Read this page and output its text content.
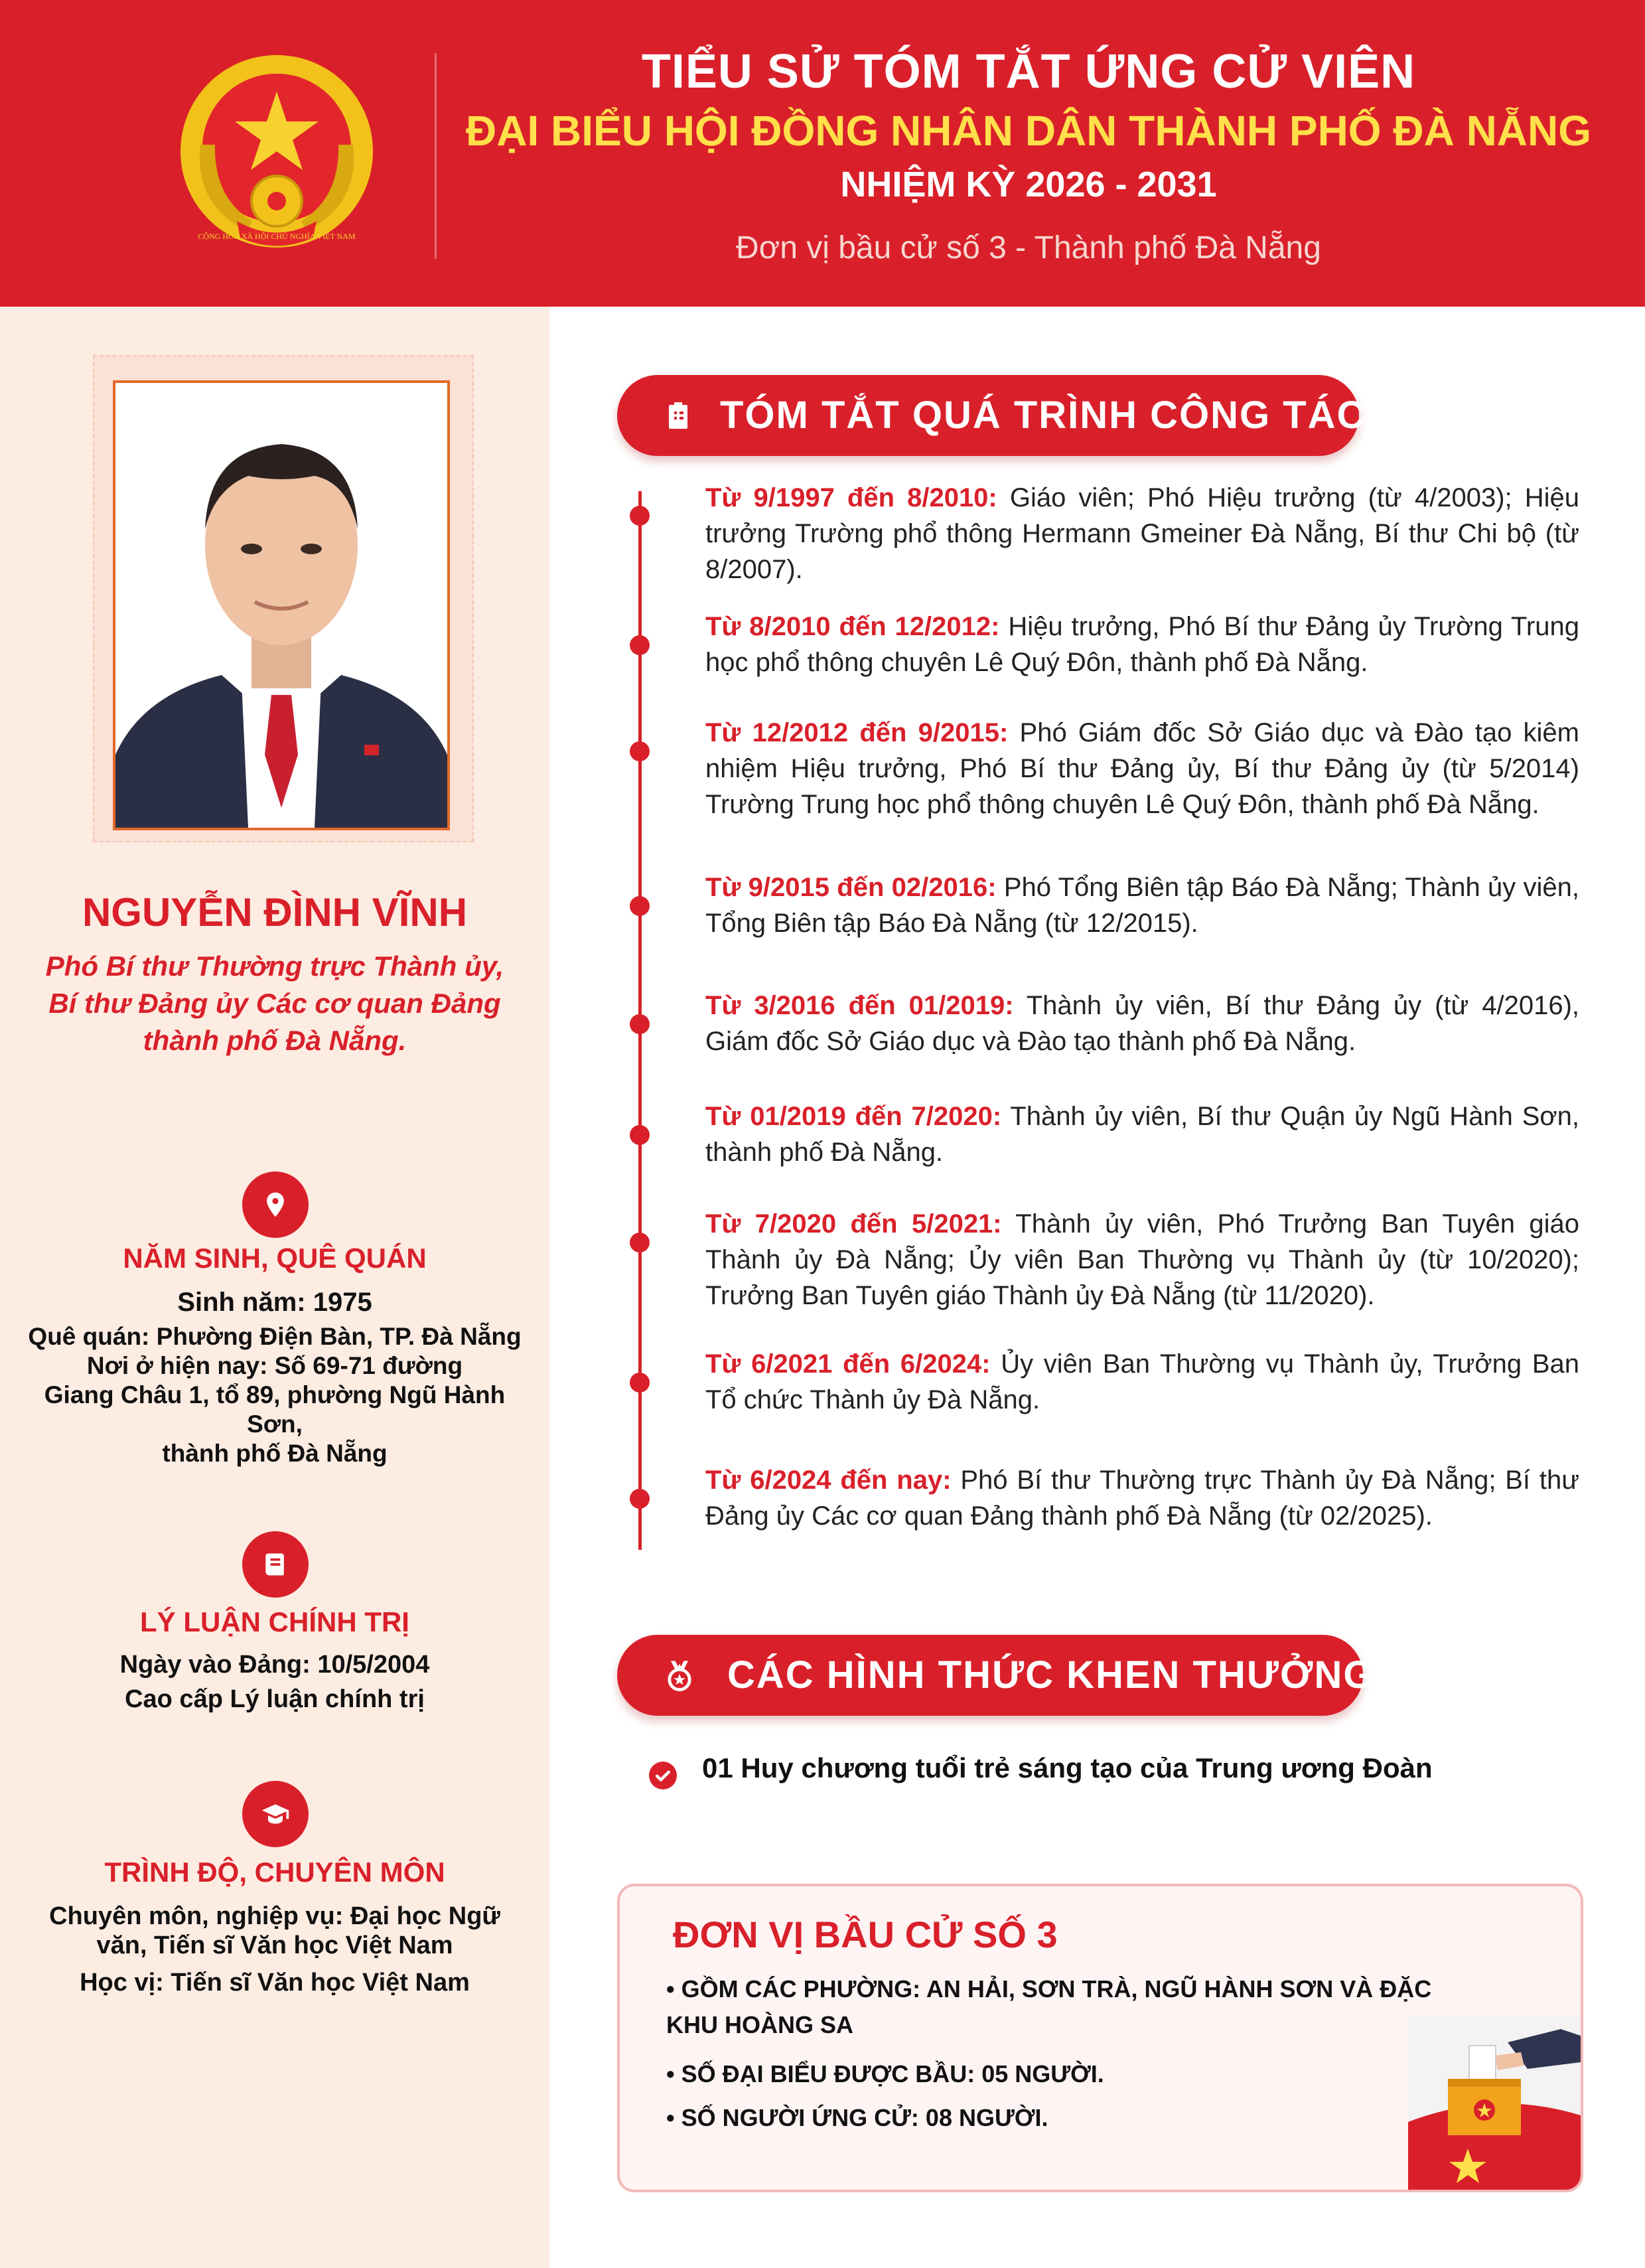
CỘNG HÒA XÃ HỘI CHỦ NGHĨA VIỆT NAM
TIỂU SỬ TÓM TẮT ỨNG CỬ VIÊN
ĐẠI BIỂU HỘI ĐỒNG NHÂN DÂN THÀNH PHỐ ĐÀ NẴNG
NHIỆM KỲ 2026 - 2031
Đơn vị bầu cử số 3 - Thành phố Đà Nẵng
NGUYỄN ĐÌNH VĨNH
Phó Bí thư Thường trực Thành ủy,
Bí thư Đảng ủy Các cơ quan Đảng
thành phố Đà Nẵng.
NĂM SINH, QUÊ QUÁN
Sinh năm: 1975
Quê quán: Phường Điện Bàn, TP. Đà Nẵng
Nơi ở hiện nay: Số 69-71 đường
Giang Châu 1, tổ 89, phường Ngũ Hành Sơn,
thành phố Đà Nẵng
LÝ LUẬN CHÍNH TRỊ
Ngày vào Đảng: 10/5/2004
Cao cấp Lý luận chính trị
TRÌNH ĐỘ, CHUYÊN MÔN
Chuyên môn, nghiệp vụ: Đại học Ngữ
văn, Tiến sĩ Văn học Việt Nam
Học vị: Tiến sĩ Văn học Việt Nam
TÓM TẮT QUÁ TRÌNH CÔNG TÁC
Từ 9/1997 đến 8/2010: Giáo viên; Phó Hiệu trưởng (từ 4/2003); Hiệu trưởng Trường phổ thông Hermann Gmeiner Đà Nẵng, Bí thư Chi bộ (từ 8/2007).
Từ 8/2010 đến 12/2012: Hiệu trưởng, Phó Bí thư Đảng ủy Trường Trung học phổ thông chuyên Lê Quý Đôn, thành phố Đà Nẵng.
Từ 12/2012 đến 9/2015: Phó Giám đốc Sở Giáo dục và Đào tạo kiêm nhiệm Hiệu trưởng, Phó Bí thư Đảng ủy, Bí thư Đảng ủy (từ 5/2014) Trường Trung học phổ thông chuyên Lê Quý Đôn, thành phố Đà Nẵng.
Từ 9/2015 đến 02/2016: Phó Tổng Biên tập Báo Đà Nẵng; Thành ủy viên, Tổng Biên tập Báo Đà Nẵng (từ 12/2015).
Từ 3/2016 đến 01/2019: Thành ủy viên, Bí thư Đảng ủy (từ 4/2016), Giám đốc Sở Giáo dục và Đào tạo thành phố Đà Nẵng.
Từ 01/2019 đến 7/2020: Thành ủy viên, Bí thư Quận ủy Ngũ Hành Sơn, thành phố Đà Nẵng.
Từ 7/2020 đến 5/2021: Thành ủy viên, Phó Trưởng Ban Tuyên giáo Thành ủy Đà Nẵng; Ủy viên Ban Thường vụ Thành ủy (từ 10/2020); Trưởng Ban Tuyên giáo Thành ủy Đà Nẵng (từ 11/2020).
Từ 6/2021 đến 6/2024: Ủy viên Ban Thường vụ Thành ủy, Trưởng Ban Tổ chức Thành ủy Đà Nẵng.
Từ 6/2024 đến nay: Phó Bí thư Thường trực Thành ủy Đà Nẵng; Bí thư Đảng ủy Các cơ quan Đảng thành phố Đà Nẵng (từ 02/2025).
CÁC HÌNH THỨC KHEN THƯỞNG
01 Huy chương tuổi trẻ sáng tạo của Trung ương Đoàn
ĐƠN VỊ BẦU CỬ SỐ 3
• GỒM CÁC PHƯỜNG: AN HẢI, SƠN TRÀ, NGŨ HÀNH SƠN VÀ ĐẶC KHU HOÀNG SA
• SỐ ĐẠI BIỂU ĐƯỢC BẦU: 05 NGƯỜI.
• SỐ NGƯỜI ỨNG CỬ: 08 NGƯỜI.
